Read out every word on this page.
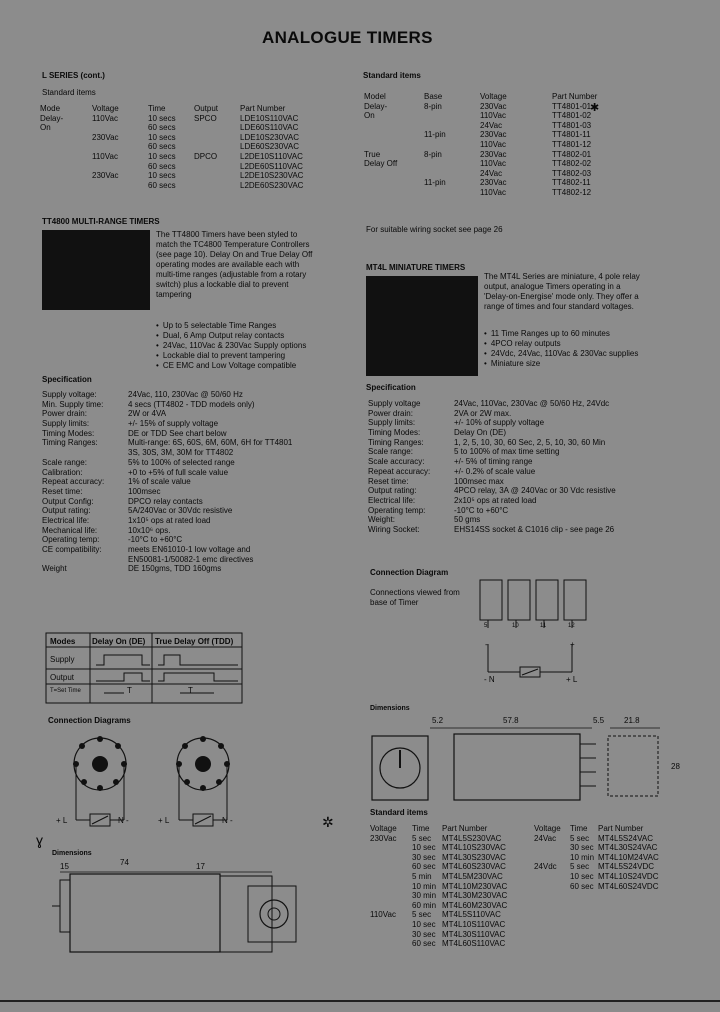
ANALOGUE TIMERS
L SERIES (cont.)
Standard items
Mode	Voltage	Time	Output	Part Number
Delay-	110Vac	10 secs	SPCO	LDE10S110VAC
On	60 secs	LDE60S110VAC
230Vac	10 secs	LDE10S230VAC
60 secs	LDE60S230VAC
110Vac	10 secs	DPCO	L2DE10S110VAC
60 secs	L2DE60S110VAC
230Vac	10 secs	L2DE10S230VAC
60 secs	L2DE60S230VAC
TT4800 MULTI-RANGE TIMERS
The TT4800 Timers have been styled to
match the TC4800 Temperature Controllers
(see page 10). Delay On and True Delay Off
operating modes are available each with
multi-time ranges (adjustable from a rotary
switch) plus a lockable dial to prevent
tampering
• Up to 5 selectable Time Ranges
• Dual, 6 Amp Output relay contacts
• 24Vac, 110Vac & 230Vac Supply options
• Lockable dial to prevent tampering
• CE EMC and Low Voltage compatible
Specification
Supply voltage:	24Vac, 110, 230Vac @ 50/60 Hz
Min. Supply time:	4 secs (TT4802 - TDD models only)
Power drain:	2W or 4VA
Supply limits:	+/- 15% of supply voltage
Timing Modes:	DE or TDD See chart below
Timing Ranges:	Multi-range: 6S, 60S, 6M, 60M, 6H for TT4801
3S, 30S, 3M, 30M for TT4802
Scale range:	5% to 100% of selected range
Calibration:	+0 to +5% of full scale value
Repeat accuracy:	1% of scale value
Reset time:	100msec
Output Config:	DPCO relay contacts
Output rating:	5A/240Vac or 30Vdc resistive
Electrical life:	1x10⁵ ops at rated load
Mechanical life:	10x10⁶ ops.
Operating temp:	-10°C to +60°C
CE compatibility:	meets EN61010-1 low voltage and
EN50081-1/50082-1 emc directives
Weight	DE 150gms, TDD 160gms
Modes Delay On (DE) True Delay Off (TDD)
Supply
Output
T=Set Time	T	T
Connection Diagrams
+ L	N -	+ L	N -
Dimensions
15	74	17
Standard items
Model	Base	Voltage	Part Number
Delay-	8-pin	230Vac	TT4801-01
On	110Vac	TT4801-02
24Vac	TT4801-03
11-pin	230Vac	TT4801-11
110Vac	TT4801-12
True	8-pin	230Vac	TT4802-01
Delay Off	110Vac	TT4802-02
24Vac	TT4802-03
11-pin	230Vac	TT4802-11
110Vac	TT4802-12
For suitable wiring socket see page 26
MT4L MINIATURE TIMERS
The MT4L Series are miniature, 4 pole relay
output, analogue Timers operating in a
'Delay-on-Energise' mode only. They offer a
range of times and four standard voltages.
• 11 Time Ranges up to 60 minutes
• 4PCO relay outputs
• 24Vdc, 24Vac, 110Vac & 230Vac supplies
• Miniature size
Specification
Supply voltage	24Vac, 110Vac, 230Vac @ 50/60 Hz, 24Vdc
Power drain:	2VA or 2W max.
Supply limits:	+/- 10% of supply voltage
Timing Modes:	Delay On (DE)
Timing Ranges:	1, 2, 5, 10, 30, 60 Sec, 2, 5, 10, 30, 60 Min
Scale range:	5 to 100% of max time setting
Scale accuracy:	+/- 5% of timing range
Repeat accuracy:	+/- 0.2% of scale value
Reset time:	100msec max
Output rating:	4PCO relay, 3A @ 240Vac or 30 Vdc resistive
Electrical life:	2x10⁵ ops at rated load
Operating temp:	-10°C to +60°C
Weight:	50 gms
Wiring Socket:	EHS14SS socket & C1016 clip - see page 26
Connection Diagram
Connections viewed from
base of Timer
5	10	11	12
-	+
- N	+ L
Dimensions
5.2	57.8	5.5 21.8
28
Standard items
Voltage	Time	Part Number	Voltage	Time	Part Number
230Vac	5 sec	MT4L5S230VAC	24Vac	5 sec	MT4L5S24VAC
10 sec MT4L10S230VAC	30 sec MT4L30S24VAC
30 sec MT4L30S230VAC	10 min MT4L10M24VAC
60 sec MT4L60S230VAC	24Vdc	5 sec	MT4L5S24VDC
5 min	MT4L5M230VAC	10 sec MT4L10S24VDC
10 min MT4L10M230VAC	60 sec MT4L60S24VDC
30 min MT4L30M230VAC
60 min MT4L60M230VAC
110Vac	5 sec	MT4L5S110VAC
10 sec MT4L10S110VAC
30 sec MT4L30S110VAC
60 sec MT4L60S110VAC
ɣ
✲
✱
